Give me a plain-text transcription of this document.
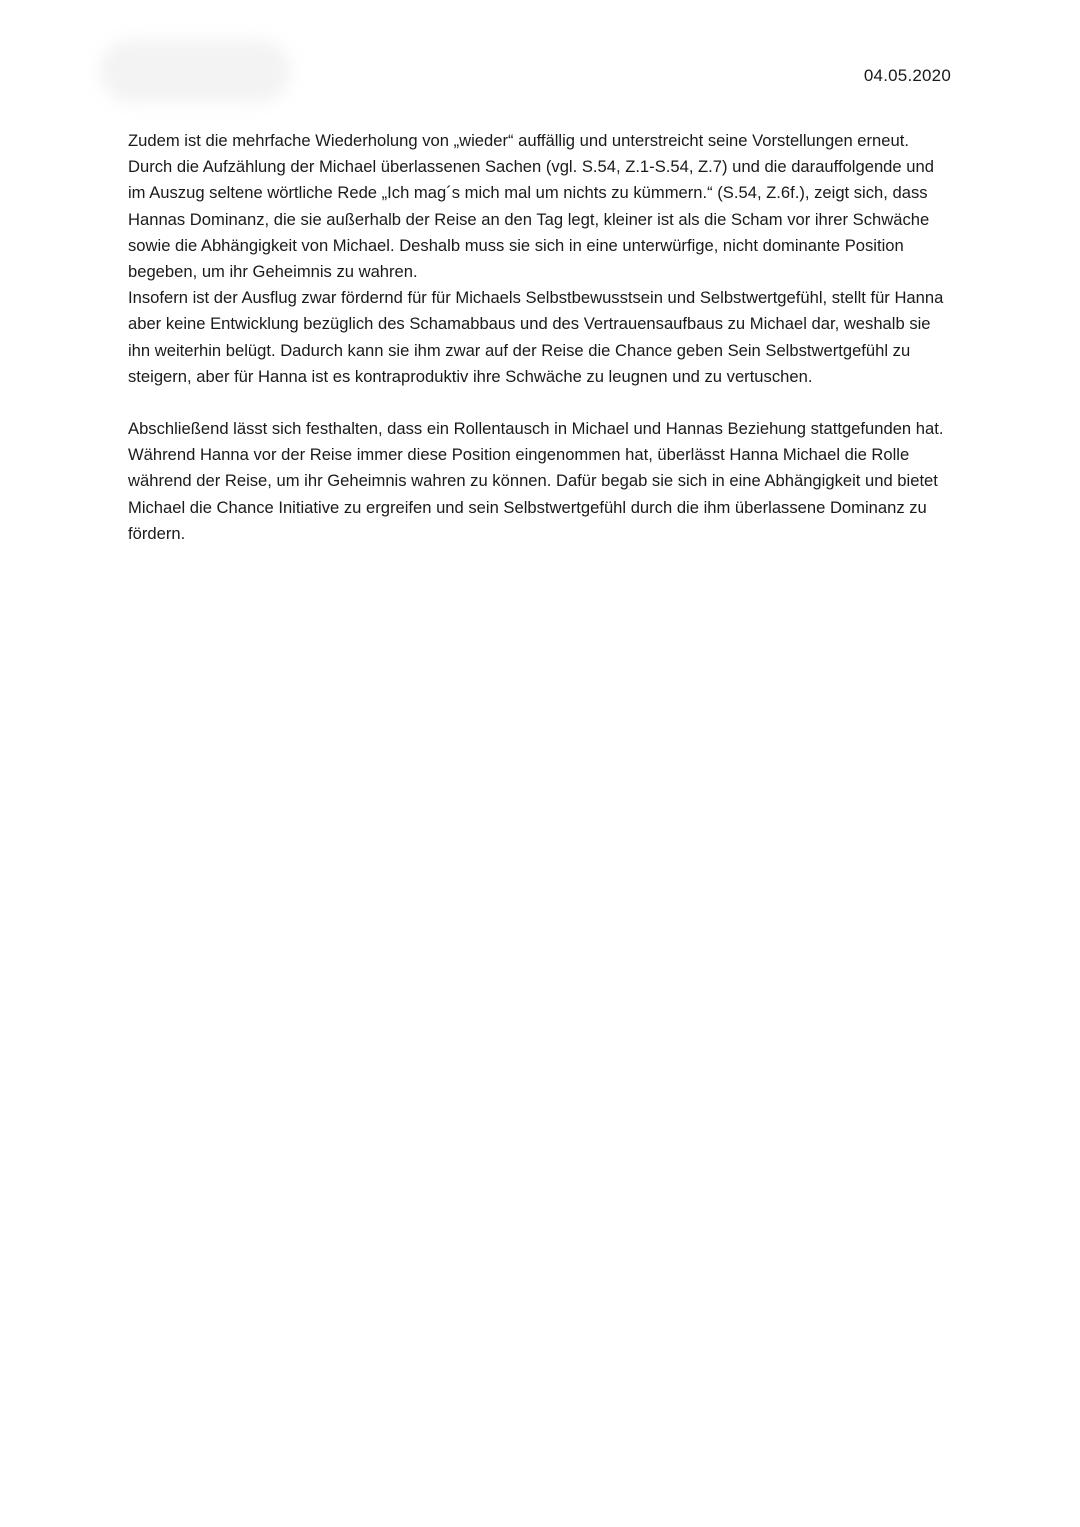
04.05.2020

Zudem ist die mehrfache Wiederholung von „wieder“ auffällig und unterstreicht seine Vorstellungen erneut.

Durch die Aufzählung der Michael überlassenen Sachen (vgl. S.54, Z.1-S.54, Z.7) und die darauffolgende und im Auszug seltene wörtliche Rede „Ich mag´s mich mal um nichts zu kümmern.“ (S.54, Z.6f.), zeigt sich, dass Hannas Dominanz, die sie außerhalb der Reise an den Tag legt, kleiner ist als die Scham vor ihrer Schwäche sowie die Abhängigkeit von Michael. Deshalb muss sie sich in eine unterwürfige, nicht dominante Position begeben, um ihr Geheimnis zu wahren.

Insofern ist der Ausflug zwar fördernd für für Michaels Selbstbewusstsein und Selbstwertgefühl, stellt für Hanna aber keine Entwicklung bezüglich des Schamabbaus und des Vertrauensaufbaus zu Michael dar, weshalb sie ihn weiterhin belügt. Dadurch kann sie ihm zwar auf der Reise die Chance geben Sein Selbstwertgefühl zu steigern, aber für Hanna ist es kontraproduktiv ihre Schwäche zu leugnen und zu vertuschen.

Abschließend lässt sich festhalten, dass ein Rollentausch in Michael und Hannas Beziehung stattgefunden hat. Während Hanna vor der Reise immer diese Position eingenommen hat, überlässt Hanna Michael die Rolle während der Reise, um ihr Geheimnis wahren zu können. Dafür begab sie sich in eine Abhängigkeit und bietet Michael die Chance Initiative zu ergreifen und sein Selbstwertgefühl durch die ihm überlassene Dominanz zu fördern.
